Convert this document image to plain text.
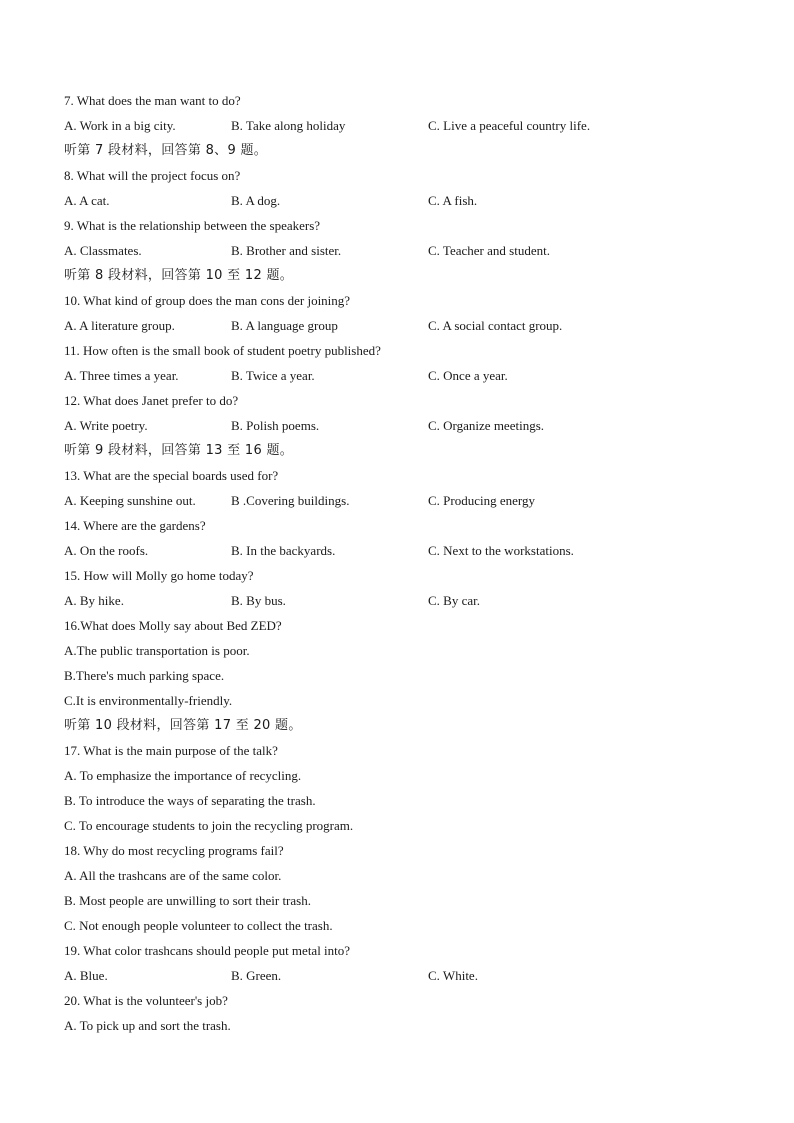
7. What does the man want to do?
A. Work in a big city.	B. Take along holiday	C. Live a peaceful country life.
听第 7 段材料，回答第 8、9 题。
8. What will the project focus on?
A. A cat.	B. A dog.	C. A fish.
9. What is the relationship between the speakers?
A. Classmates.	B. Brother and sister.	C. Teacher and student.
听第 8 段材料，回答第 10 至 12 题。
10. What kind of group does the man cons der joining?
A. A literature group.	B. A language group	C. A social contact group.
11. How often is the small book of student poetry published?
A. Three times a year.	B. Twice a year.	C. Once a year.
12. What does Janet prefer to do?
A. Write poetry.	B. Polish poems.	C. Organize meetings.
听第 9 段材料，回答第 13 至 16 题。
13. What are the special boards used for?
A. Keeping sunshine out.	B .Covering buildings.	C. Producing energy
14. Where are the gardens?
A. On the roofs.	B. In the backyards.	C. Next to the workstations.
15. How will Molly go home today?
A. By hike.	B. By bus.	C. By car.
16.What does Molly say about Bed ZED?
A.The public transportation is poor.
B.There's much parking space.
C.It is environmentally-friendly.
听第 10 段材料，回答第 17 至 20 题。
17. What is the main purpose of the talk?
A. To emphasize the importance of recycling.
B. To introduce the ways of separating the trash.
C. To encourage students to join the recycling program.
18. Why do most recycling programs fail?
A. All the trashcans are of the same color.
B. Most people are unwilling to sort their trash.
C. Not enough people volunteer to collect the trash.
19. What color trashcans should people put metal into?
A. Blue.	B. Green.	C. White.
20. What is the volunteer's job?
A. To pick up and sort the trash.
